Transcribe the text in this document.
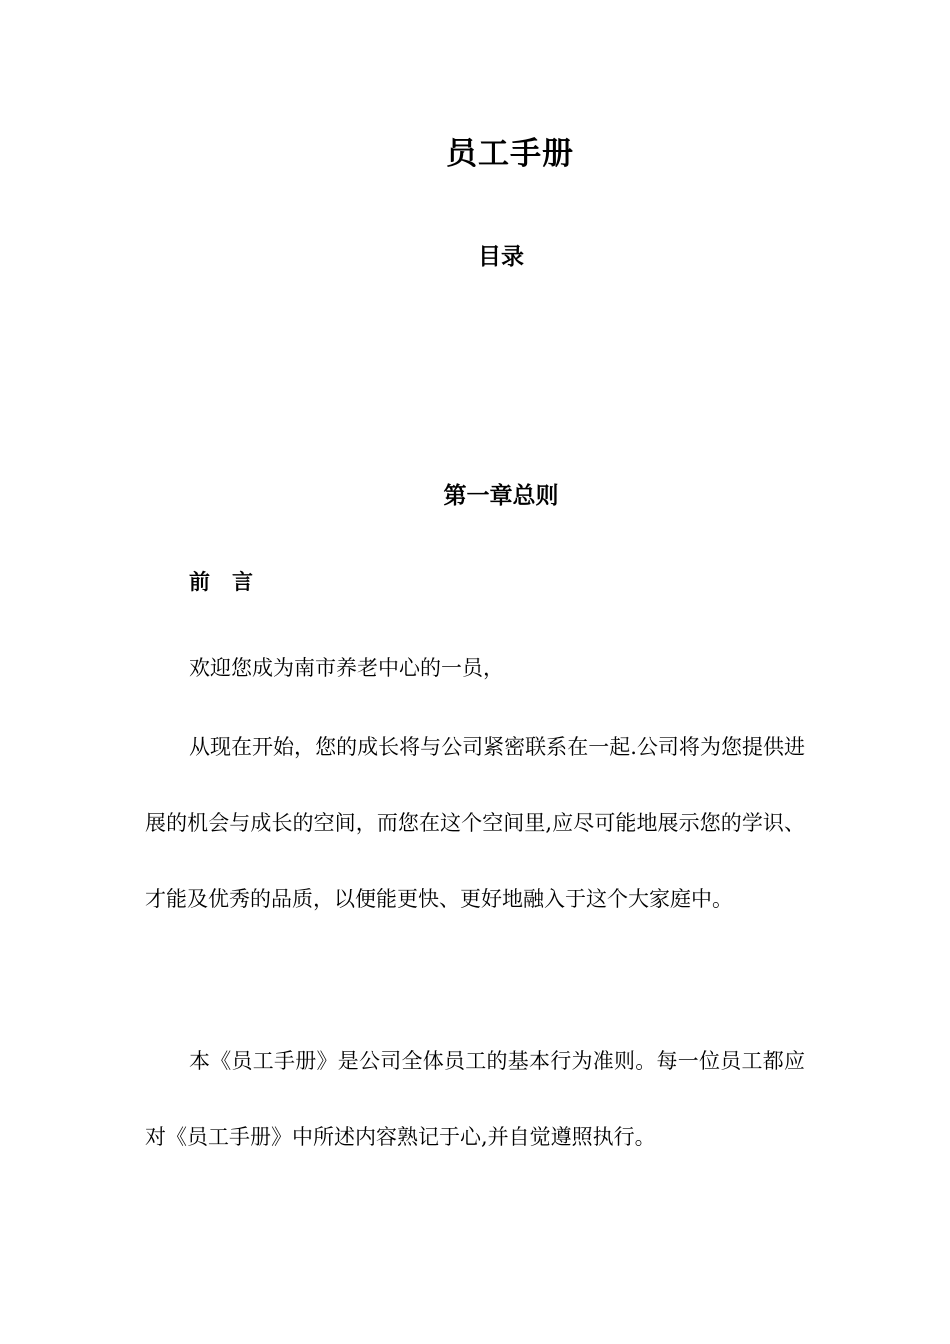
员工手册
目录
第一章总则
前言

欢迎您成为南市养老中心的一员，

从现在开始，您的成长将与公司紧密联系在一起.公司将为您提供进展的机会与成长的空间，而您在这个空间里,应尽可能地展示您的学识、才能及优秀的品质，以便能更快、更好地融入于这个大家庭中。

本《员工手册》是公司全体员工的基本行为准则。每一位员工都应对《员工手册》中所述内容熟记于心,并自觉遵照执行。
